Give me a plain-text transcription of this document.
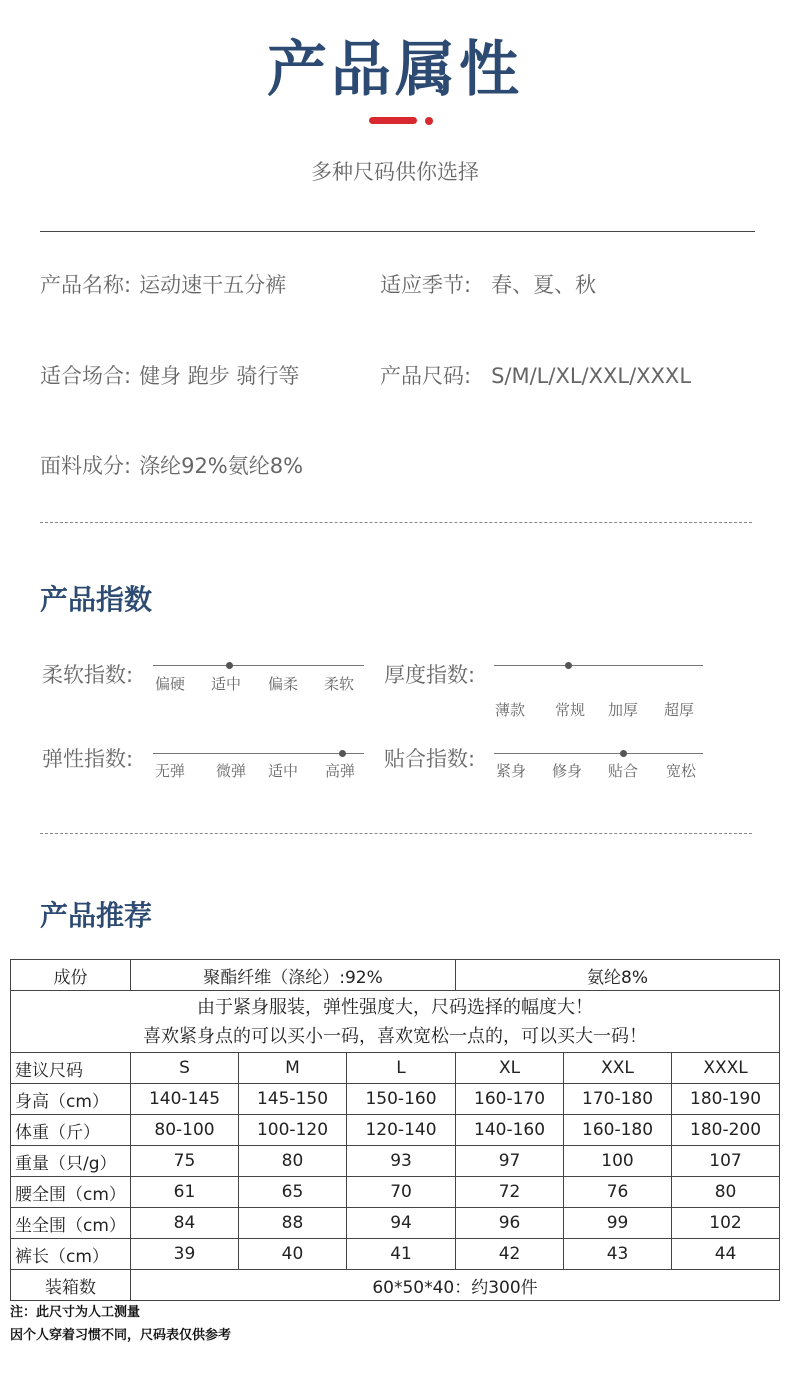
产品属性
多种尺码供你选择
产品名称: 运动速干五分裤	适应季节: 春、夏、秋
适合场合: 健身 跑步 骑行等	产品尺码: S/M/L/XL/XXL/XXXL
面料成分: 涤纶92%氨纶8%
产品指数
柔软指数: 偏硬 适中 偏柔 柔软 厚度指数:
薄款 常规 加厚 超厚
弹性指数: 无弹 微弹 适中 高弹 贴合指数: 紧身 修身 贴合 宽松
产品推荐
成份	聚酯纤维（涤纶）:92%			氨纶8%		

由于紧身服装，弹性强度大，尺码选择的幅度大！
喜欢紧身点的可以买小一码，喜欢宽松一点的，可以买大一码！						

建议尺码	S	M	L	XL	XXL	XXXL
身高（cm）	140-145	145-150	150-160	160-170	170-180	180-190
体重（斤）	80-100	100-120	120-140	140-160	160-180	180-200
重量（只/g）	75	80	93	97	100	107
腰全围（cm）	61	65	70	72	76	80
坐全围（cm）	84	88	94	96	99	102
裤长（cm）	39	40	41	42	43	44
装箱数	60*50*40：约300件					
注：此尺寸为人工测量
因个人穿着习惯不同，尺码表仅供参考
